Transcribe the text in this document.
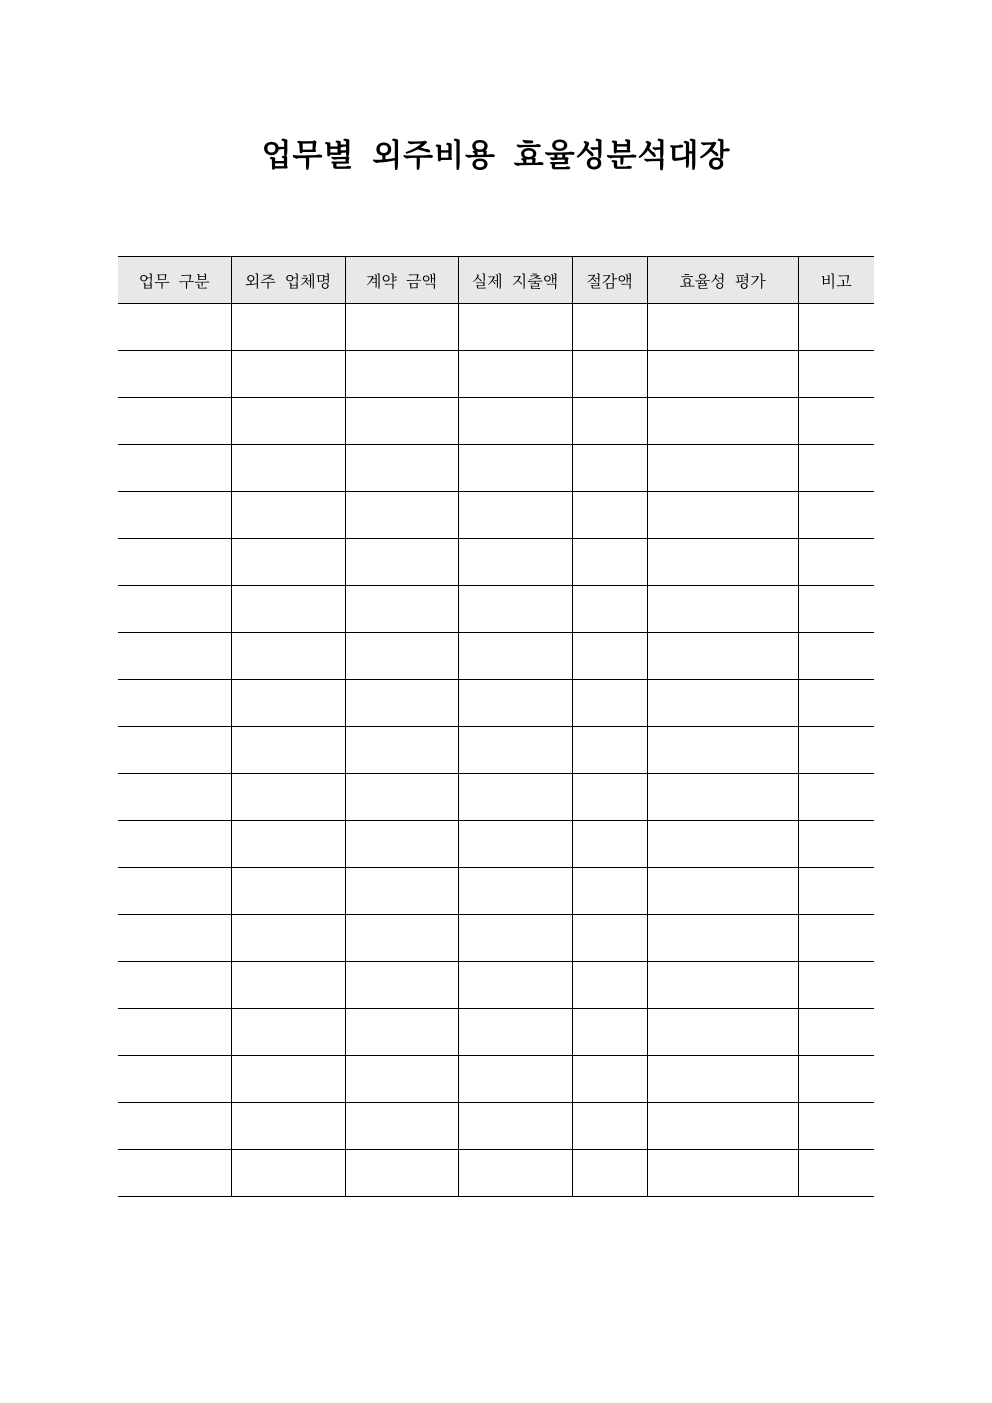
업무별 외주비용 효율성분석대장
업무 구분	외주 업체명	계약 금액	실제 지출액	절감액	효율성 평가	비고
